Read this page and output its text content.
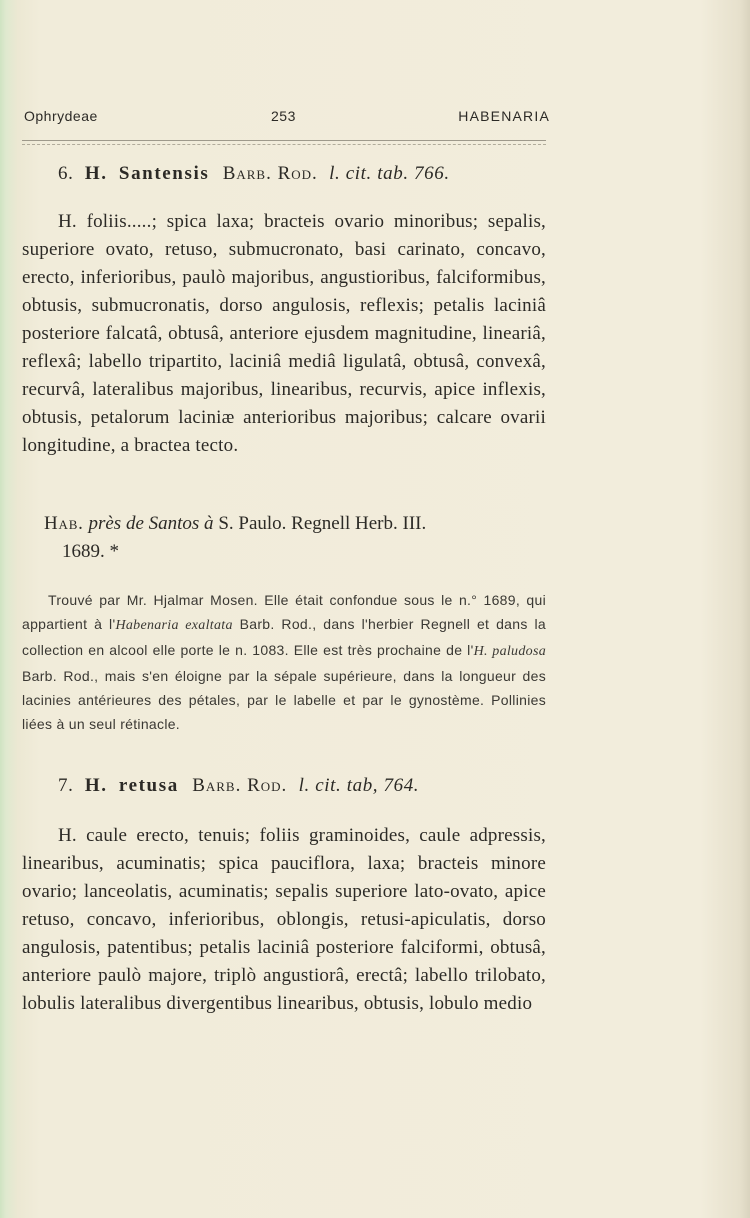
Ophrydeae	253	HABENARIA
6. H. Santensis Barb. Rod. l. cit. tab. 766.
H. foliis.....; spica laxa; bracteis ovario minoribus; sepalis, superiore ovato, retuso, submucronato, basi carinato, concavo, erecto, inferioribus, paulò majoribus, angustioribus, falciformibus, obtusis, submucronatis, dorso angulosis, reflexis; petalis laciniâ posteriore falcatâ, obtusâ, anteriore ejusdem magnitudine, lineariâ, reflexâ; labello tripartito, laciniâ mediâ ligulatâ, obtusâ, convexâ, recurvâ, lateralibus majoribus, linearibus, recurvis, apice inflexis, obtusis, petalorum laciniæ anterioribus majoribus; calcare ovarii longitudine, a bractea tecto.
Hab. près de Santos à S. Paulo. Regnell Herb. III.
1689. *
Trouvé par Mr. Hjalmar Mosen. Elle était confondue sous le n.° 1689, qui appartient à l'Habenaria exaltata Barb. Rod., dans l'herbier Regnell et dans la collection en alcool elle porte le n. 1083. Elle est très prochaine de l'H. paludosa Barb. Rod., mais s'en éloigne par la sépale supérieure, dans la longueur des lacinies antérieures des pétales, par le labelle et par le gynostème. Pollinies liées à un seul rétinacle.
7. H. retusa Barb. Rod. l. cit. tab, 764.
H. caule erecto, tenuis; foliis graminoides, caule adpressis, linearibus, acuminatis; spica pauciflora, laxa; bracteis minore ovario; lanceolatis, acuminatis; sepalis superiore lato-ovato, apice retuso, concavo, inferioribus, oblongis, retusi-apiculatis, dorso angulosis, patentibus; petalis laciniâ posteriore falciformi, obtusâ, anteriore paulò majore, triplò angustiorâ, erectâ; labello trilobato, lobulis lateralibus divergentibus linearibus, obtusis, lobulo medio
